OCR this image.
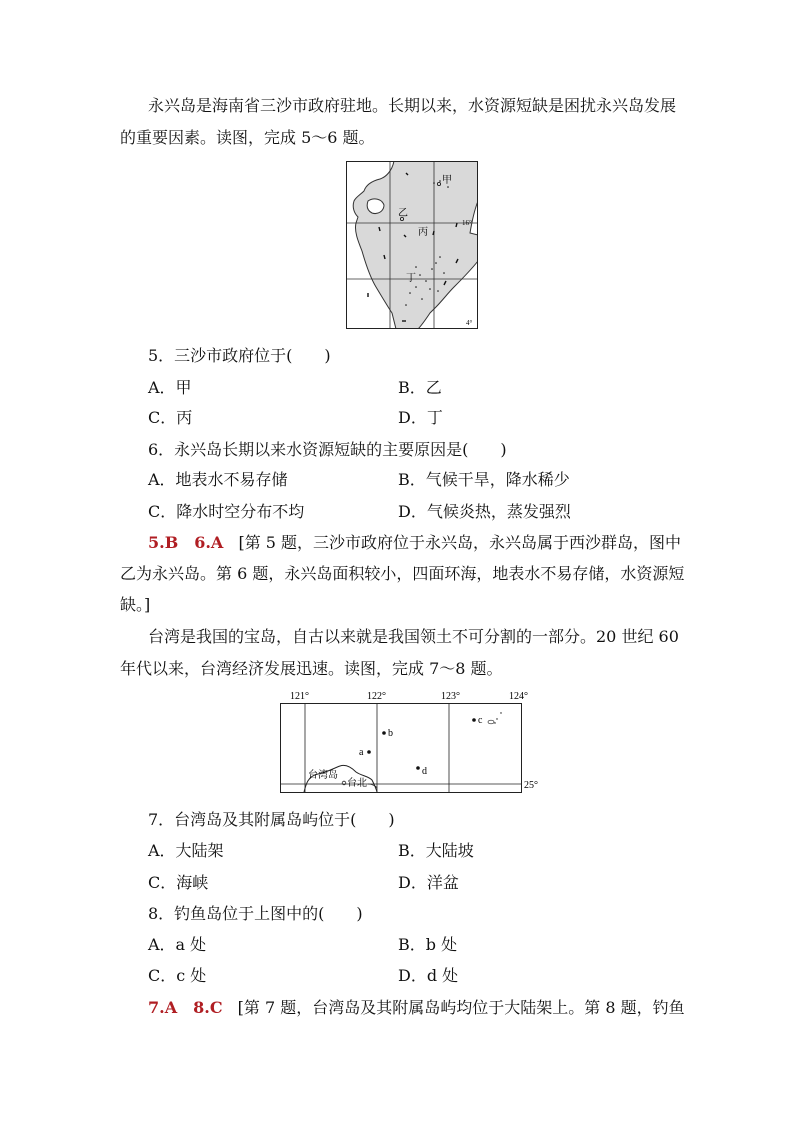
永兴岛是海南省三沙市政府驻地。长期以来，水资源短缺是困扰永兴岛发展
的重要因素。读图，完成 5～6 题。
甲
乙
丙
丁
16°
4°
5．三沙市政府位于(　　)
A．甲	B．乙
C．丙	D．丁
6．永兴岛长期以来水资源短缺的主要原因是(　　)
A．地表水不易存储	B．气候干旱，降水稀少
C．降水时空分布不均	D．气候炎热，蒸发强烈
5.B　6.A [第 5 题，三沙市政府位于永兴岛，永兴岛属于西沙群岛，图中
乙为永兴岛。第 6 题，永兴岛面积较小，四面环海，地表水不易存储，水资源短
缺。]
台湾是我国的宝岛，自古以来就是我国领土不可分割的一部分。20 世纪 60
年代以来，台湾经济发展迅速。读图，完成 7～8 题。
121°	122°	123°	124°
台湾岛
台北
a
b
d
c
25°
7．台湾岛及其附属岛屿位于(　　)
A．大陆架	B．大陆坡
C．海峡	D．洋盆
8．钓鱼岛位于上图中的(　　)
A．a 处	B．b 处
C．c 处	D．d 处
7.A　8.C [第 7 题，台湾岛及其附属岛屿均位于大陆架上。第 8 题，钓鱼
